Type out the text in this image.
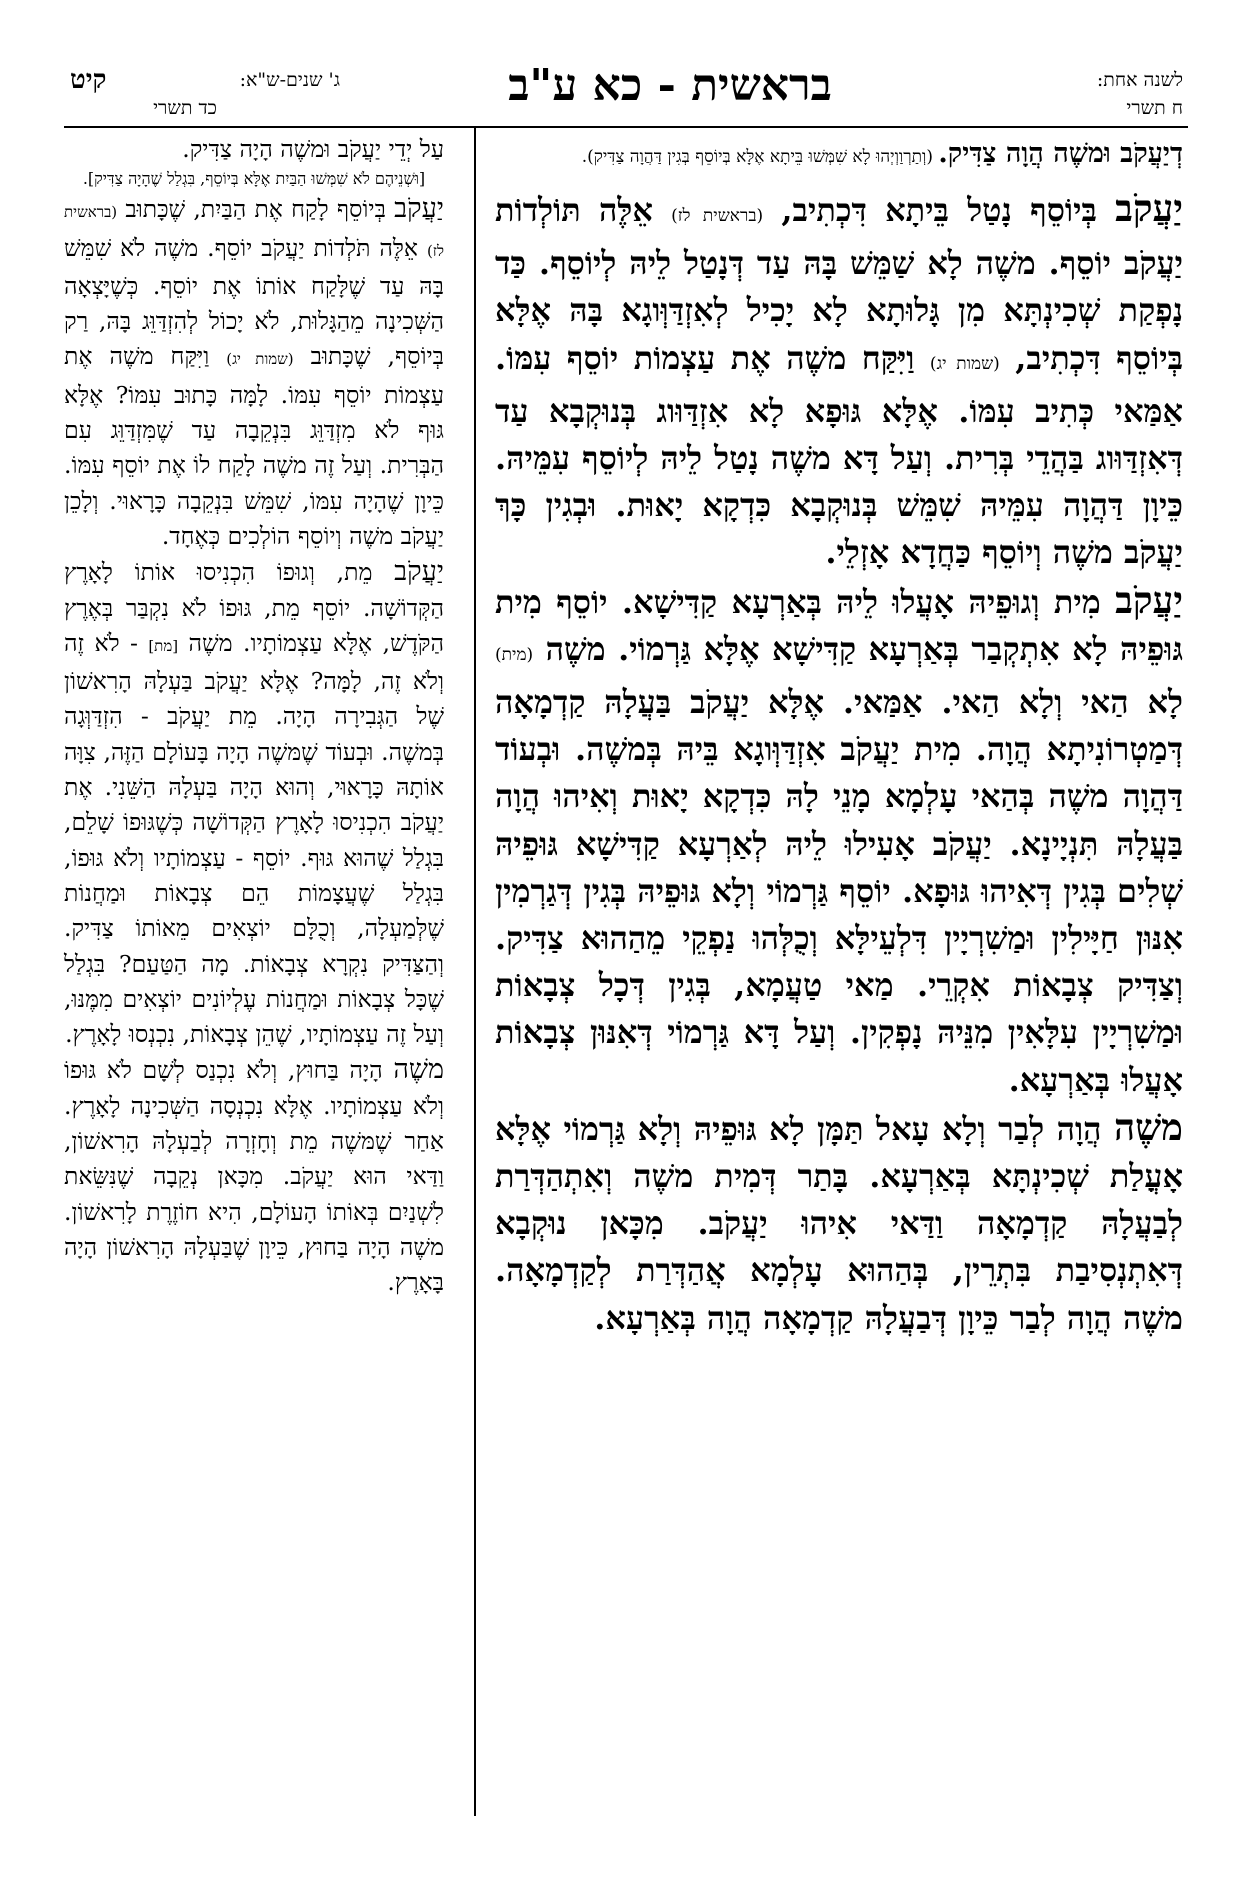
לשנה אחת:
ח תשרי
בראשית - כא ע"ב
ג' שנים-ש"א:
קיט
כד תשרי

דְיַעֲקֹב וּמשֶׁה הֲוָה צַדִּיק. (וְתַרְוַוְיְהוּ לָא שִׁמְּשׁוּ בֵּיתָא אֶלָּא בְּיוֹסֵף בְּגִין דַּהֲוָה צַדִּיק).

יַעֲקֹב בְּיוֹסֵף נָטַל בֵּיתָא דִּכְתִיב, (בראשית לז) אֵלֶּה תּוֹלְדוֹת יַעֲקֹב יוֹסֵף. משֶׁה לָא שַׁמֵּשׁ בָּהּ עַד דְּנָטַל לֵיהּ לְיוֹסֵף. כַּד נָפְקַת שְׁכִינְתָּא מִן גָּלוּתָא לָא יָכִיל לְאִזְדַּוְּוגָא בָּהּ אֶלָּא בְּיוֹסֵף דִּכְתִיב, (שמות יג) וַיִּקַּח משֶׁה אֶת עַצְמוֹת יוֹסֵף עִמּוֹ. אַמַּאי כְּתִיב עִמּוֹ. אֶלָּא גּוּפָא לָא אִזְדַּוּוג בְּנוּקְבָא עַד דְּאִזְדַּוּוג בַּהֲדֵי בְּרִית. וְעַל דָּא משֶׁה נָטַל לֵיהּ לְיוֹסֵף עִמֵּיהּ. כֵּיוָן דַּהֲוָה עִמֵּיהּ שִׁמֵּשׁ בְּנוּקְבָא כִּדְקָא יָאוּת. וּבְגִין כָּךְ יַעֲקֹב משֶׁה וְיוֹסֵף כַּחֲדָא אָזְלֵי.

יַעֲקֹב מִית וְגוּפֵיהּ אָעֲלוּ לֵיהּ בְּאַרְעָא קַדִּישָׁא. יוֹסֵף מִית גּוּפֵיהּ לָא אִתְקְבַר בְּאַרְעָא קַדִּישָׁא אֶלָּא גַּרְמוֹי. משֶׁה (מית) לָא הַאי וְלָא הַאי. אַמַּאי. אֶלָּא יַעֲקֹב בַּעֲלָהּ קַדְמָאָה דְּמַטְרוֹנִיתָא הֲוָה. מִית יַעֲקֹב אִזְדַּוְּוגָא בֵּיהּ בְּמשֶׁה. וּבְעוֹד דַּהֲוָה משֶׁה בְּהַאי עָלְמָא מָנֵי לָהּ כִּדְקָא יָאוּת וְאִיהוּ הֲוָה בַּעֲלָהּ תִּנְיָינָא. יַעֲקֹב אָעִילוּ לֵיהּ לְאַרְעָא קַדִּישָׁא גּוּפֵיהּ שְׁלִים בְּגִין דְּאִיהוּ גּוּפָא. יוֹסֵף גַּרְמוֹי וְלָא גּוּפֵיהּ בְּגִין דְּגַרְמִין אִנּוּן חַיָּילִין וּמַשִׁרְיָין דִּלְעֵילָּא וְכֻלְּהוּ נַפְקֵי מֵהַהוּא צַדִּיק. וְצַדִּיק צְבָאוֹת אִקְרֵי. מַאי טַעֲמָא, בְּגִין דְּכָל צְבָאוֹת וּמַשִׁרְיָין עִלָּאִין מִנֵּיהּ נָפְקִין. וְעַל דָּא גַּרְמוֹי דְּאִנּוּן צְבָאוֹת אָעֲלוּ בְּאַרְעָא.

משֶׁה הֲוָה לְבַר וְלָא עָאל תַּמָּן לָא גּוּפֵיהּ וְלָא גַּרְמוֹי אֶלָּא אָעֳלַת שְׁכִינְתָּא בְּאַרְעָא. בָּתַר דְּמִית משֶׁה וְאִתְהַדְּרַת לְבַעֲלָהּ קַדְמָאָה וַדַּאי אִיהוּ יַעֲקֹב. מִכָּאן נוּקְבָא דְּאִתְנְסִיבַת בִּתְרֵין, בְּהַהוּא עָלְמָא אֲהַדְּרַת לְקַדְמָאָה. משֶׁה הֲוָה לְבַר כֵּיוָן דְּבַעֲלָהּ קַדְמָאָה הֲוָה בְּאַרְעָא.

עַל יְדֵי יַעֲקֹב וּמשֶׁה הָיָה צַדִּיק.

[וּשְׁנֵיהֶם לֹא שִׁמְּשׁוּ הַבַּיִת אֶלָּא בְּיוֹסֵף, בִּגְלַל שֶׁהָיָה צַדִּיק].

יַעֲקֹב בְּיוֹסֵף לָקַח אֶת הַבַּיִת, שֶׁכָּתוּב (בראשית לז) אֵלֶּה תֹּלְדוֹת יַעֲקֹב יוֹסֵף. משֶׁה לֹא שִׁמֵּשׁ בָּהּ עַד שֶׁלָּקַח אוֹתוֹ אֶת יוֹסֵף. כְּשֶׁיָּצְאָה הַשְּׁכִינָה מֵהַגָּלוּת, לֹא יָכוֹל לְהִזְדַּוֵּג בָּהּ, רַק בְּיוֹסֵף, שֶׁכָּתוּב (שמות יג) וַיִּקַּח משֶׁה אֶת עַצְמוֹת יוֹסֵף עִמּוֹ. לָמָּה כָּתוּב עִמּוֹ? אֶלָּא גּוּף לֹא מִזְדַּוֵּג בִּנְקֵבָה עַד שֶׁמִּזְדַּוֵּג עִם הַבְּרִית. וְעַל זֶה משֶׁה לָקַח לוֹ אֶת יוֹסֵף עִמּוֹ. כֵּיוָן שֶׁהָיָה עִמּוֹ, שִׁמֵּשׁ בִּנְקֵבָה כָּרָאוּי. וְלָכֵן יַעֲקֹב משֶׁה וְיוֹסֵף הוֹלְכִים כְּאֶחָד.

יַעֲקֹב מֵת, וְגוּפוֹ הִכְנִיסוּ אוֹתוֹ לָאָרֶץ הַקְּדוֹשָׁה. יוֹסֵף מֵת, גּוּפוֹ לֹא נִקְבַּר בְּאֶרֶץ הַקֹּדֶשׁ, אֶלָּא עַצְמוֹתָיו. משֶׁה [מת] - לֹא זֶה וְלֹא זֶה, לָמָּה? אֶלָּא יַעֲקֹב בַּעְלָהּ הָרִאשׁוֹן שֶׁל הַגְּבִירָה הָיָה. מֵת יַעֲקֹב - הִזְדַּוְּגָה בְּמשֶׁה. וּבְעוֹד שֶׁמּשֶׁה הָיָה בָּעוֹלָם הַזֶּה, צִוָּה אוֹתָהּ כָּרָאוּי, וְהוּא הָיָה בַּעְלָהּ הַשֵּׁנִי. אֶת יַעֲקֹב הִכְנִיסוּ לָאָרֶץ הַקְּדוֹשָׁה כְּשֶׁגּוּפוֹ שָׁלֵם, בִּגְלַל שֶׁהוּא גּוּף. יוֹסֵף - עַצְמוֹתָיו וְלֹא גּוּפוֹ, בִּגְלַל שֶׁעֲצָמוֹת הֵם צְבָאוֹת וּמַחֲנוֹת שֶׁלְּמַעְלָה, וְכֻלָּם יוֹצְאִים מֵאוֹתוֹ צַדִּיק. וְהַצַּדִּיק נִקְרָא צְבָאוֹת. מָה הַטַּעַם? בִּגְלַל שֶׁכָּל צְבָאוֹת וּמַחֲנוֹת עֶלְיוֹנִים יוֹצְאִים מִמֶּנּוּ, וְעַל זֶה עַצְמוֹתָיו, שֶׁהֵן צְבָאוֹת, נִכְנְסוּ לָאָרֶץ.

משֶׁה הָיָה בַּחוּץ, וְלֹא נִכְנַס לְשָׁם לֹא גּוּפוֹ וְלֹא עַצְמוֹתָיו. אֶלָּא נִכְנְסָה הַשְּׁכִינָה לָאָרֶץ. אַחַר שֶׁמּשֶׁה מֵת וְחָזְרָה לְבַעְלָהּ הָרִאשׁוֹן, וַדַּאי הוּא יַעֲקֹב. מִכָּאן נְקֵבָה שֶׁנִּשֵּׂאת לִשְׁנַיִם בְּאוֹתוֹ הָעוֹלָם, הִיא חוֹזֶרֶת לָרִאשׁוֹן. משֶׁה הָיָה בַּחוּץ, כֵּיוָן שֶׁבַּעְלָהּ הָרִאשׁוֹן הָיָה בָּאָרֶץ.
